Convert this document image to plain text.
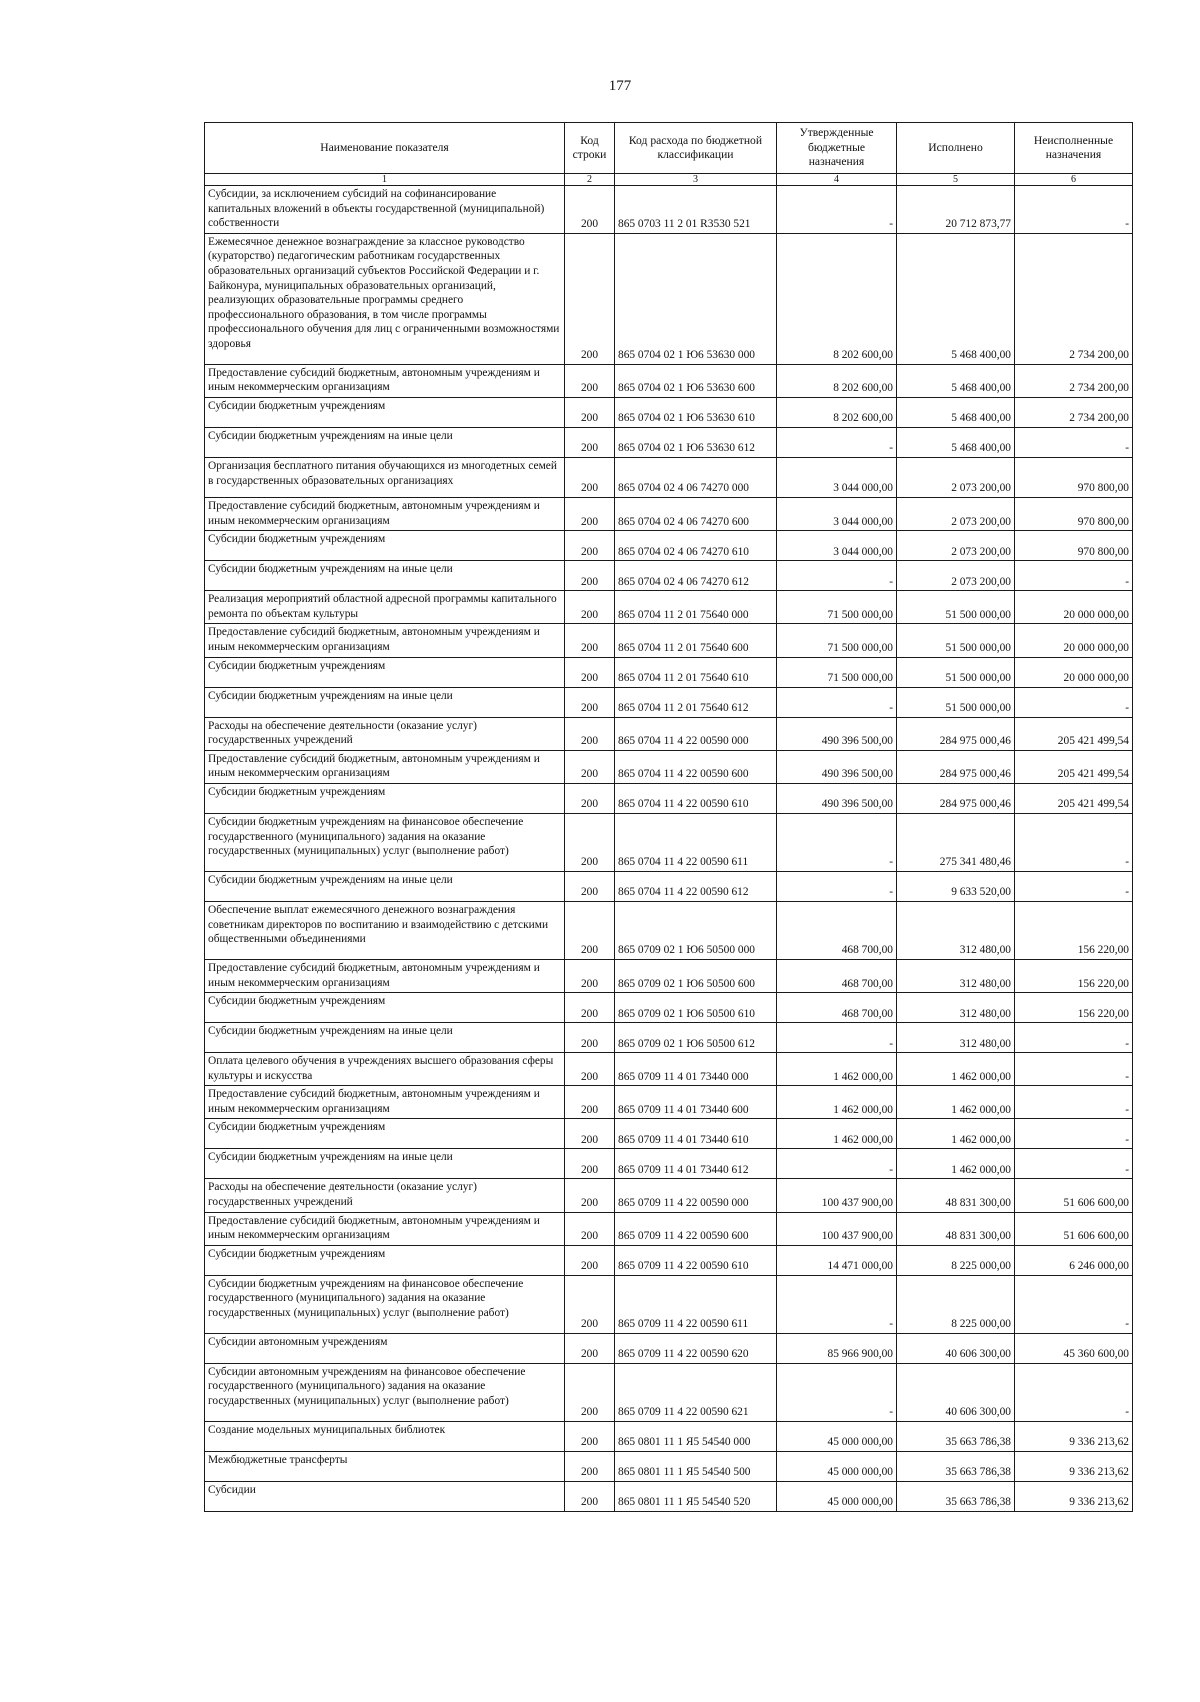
177
Наименование показателя	Код строки	Код расхода по бюджетной классификации	Утвержденные бюджетные назначения	Исполнено	Неисполненные назначения
1	2	3	4	5	6
Субсидии, за исключением субсидий на софинансирование капитальных вложений в объекты государственной (муниципальной) собственности	200	865 0703 11 2 01 R3530 521	-	20 712 873,77	-
Ежемесячное денежное вознаграждение за классное руководство (кураторство) педагогическим работникам государственных образовательных организаций субъектов Российской Федерации и г. Байконура, муниципальных образовательных организаций, реализующих образовательные программы среднего профессионального образования, в том числе программы профессионального обучения для лиц с ограниченными возможностями здоровья	200	865 0704 02 1 Ю6 53630 000	8 202 600,00	5 468 400,00	2 734 200,00
Предоставление субсидий бюджетным, автономным учреждениям и иным некоммерческим организациям	200	865 0704 02 1 Ю6 53630 600	8 202 600,00	5 468 400,00	2 734 200,00
Субсидии бюджетным учреждениям	200	865 0704 02 1 Ю6 53630 610	8 202 600,00	5 468 400,00	2 734 200,00
Субсидии бюджетным учреждениям на иные цели	200	865 0704 02 1 Ю6 53630 612	-	5 468 400,00	-
Организация бесплатного питания обучающихся из многодетных семей в государственных образовательных организациях	200	865 0704 02 4 06 74270 000	3 044 000,00	2 073 200,00	970 800,00
Предоставление субсидий бюджетным, автономным учреждениям и иным некоммерческим организациям	200	865 0704 02 4 06 74270 600	3 044 000,00	2 073 200,00	970 800,00
Субсидии бюджетным учреждениям	200	865 0704 02 4 06 74270 610	3 044 000,00	2 073 200,00	970 800,00
Субсидии бюджетным учреждениям на иные цели	200	865 0704 02 4 06 74270 612	-	2 073 200,00	-
Реализация мероприятий областной адресной программы капитального ремонта по объектам культуры	200	865 0704 11 2 01 75640 000	71 500 000,00	51 500 000,00	20 000 000,00
Предоставление субсидий бюджетным, автономным учреждениям и иным некоммерческим организациям	200	865 0704 11 2 01 75640 600	71 500 000,00	51 500 000,00	20 000 000,00
Субсидии бюджетным учреждениям	200	865 0704 11 2 01 75640 610	71 500 000,00	51 500 000,00	20 000 000,00
Субсидии бюджетным учреждениям на иные цели	200	865 0704 11 2 01 75640 612	-	51 500 000,00	-
Расходы на обеспечение деятельности (оказание услуг) государственных учреждений	200	865 0704 11 4 22 00590 000	490 396 500,00	284 975 000,46	205 421 499,54
Предоставление субсидий бюджетным, автономным учреждениям и иным некоммерческим организациям	200	865 0704 11 4 22 00590 600	490 396 500,00	284 975 000,46	205 421 499,54
Субсидии бюджетным учреждениям	200	865 0704 11 4 22 00590 610	490 396 500,00	284 975 000,46	205 421 499,54
Субсидии бюджетным учреждениям на финансовое обеспечение государственного (муниципального) задания на оказание государственных (муниципальных) услуг (выполнение работ)	200	865 0704 11 4 22 00590 611	-	275 341 480,46	-
Субсидии бюджетным учреждениям на иные цели	200	865 0704 11 4 22 00590 612	-	9 633 520,00	-
Обеспечение выплат ежемесячного денежного вознаграждения советникам директоров по воспитанию и взаимодействию с детскими общественными объединениями	200	865 0709 02 1 Ю6 50500 000	468 700,00	312 480,00	156 220,00
Предоставление субсидий бюджетным, автономным учреждениям и иным некоммерческим организациям	200	865 0709 02 1 Ю6 50500 600	468 700,00	312 480,00	156 220,00
Субсидии бюджетным учреждениям	200	865 0709 02 1 Ю6 50500 610	468 700,00	312 480,00	156 220,00
Субсидии бюджетным учреждениям на иные цели	200	865 0709 02 1 Ю6 50500 612	-	312 480,00	-
Оплата целевого обучения в учреждениях высшего образования сферы культуры и искусства	200	865 0709 11 4 01 73440 000	1 462 000,00	1 462 000,00	-
Предоставление субсидий бюджетным, автономным учреждениям и иным некоммерческим организациям	200	865 0709 11 4 01 73440 600	1 462 000,00	1 462 000,00	-
Субсидии бюджетным учреждениям	200	865 0709 11 4 01 73440 610	1 462 000,00	1 462 000,00	-
Субсидии бюджетным учреждениям на иные цели	200	865 0709 11 4 01 73440 612	-	1 462 000,00	-
Расходы на обеспечение деятельности (оказание услуг) государственных учреждений	200	865 0709 11 4 22 00590 000	100 437 900,00	48 831 300,00	51 606 600,00
Предоставление субсидий бюджетным, автономным учреждениям и иным некоммерческим организациям	200	865 0709 11 4 22 00590 600	100 437 900,00	48 831 300,00	51 606 600,00
Субсидии бюджетным учреждениям	200	865 0709 11 4 22 00590 610	14 471 000,00	8 225 000,00	6 246 000,00
Субсидии бюджетным учреждениям на финансовое обеспечение государственного (муниципального) задания на оказание государственных (муниципальных) услуг (выполнение работ)	200	865 0709 11 4 22 00590 611	-	8 225 000,00	-
Субсидии автономным учреждениям	200	865 0709 11 4 22 00590 620	85 966 900,00	40 606 300,00	45 360 600,00
Субсидии автономным учреждениям на финансовое обеспечение государственного (муниципального) задания на оказание государственных (муниципальных) услуг (выполнение работ)	200	865 0709 11 4 22 00590 621	-	40 606 300,00	-
Создание модельных муниципальных библиотек	200	865 0801 11 1 Я5 54540 000	45 000 000,00	35 663 786,38	9 336 213,62
Межбюджетные трансферты	200	865 0801 11 1 Я5 54540 500	45 000 000,00	35 663 786,38	9 336 213,62
Субсидии	200	865 0801 11 1 Я5 54540 520	45 000 000,00	35 663 786,38	9 336 213,62
